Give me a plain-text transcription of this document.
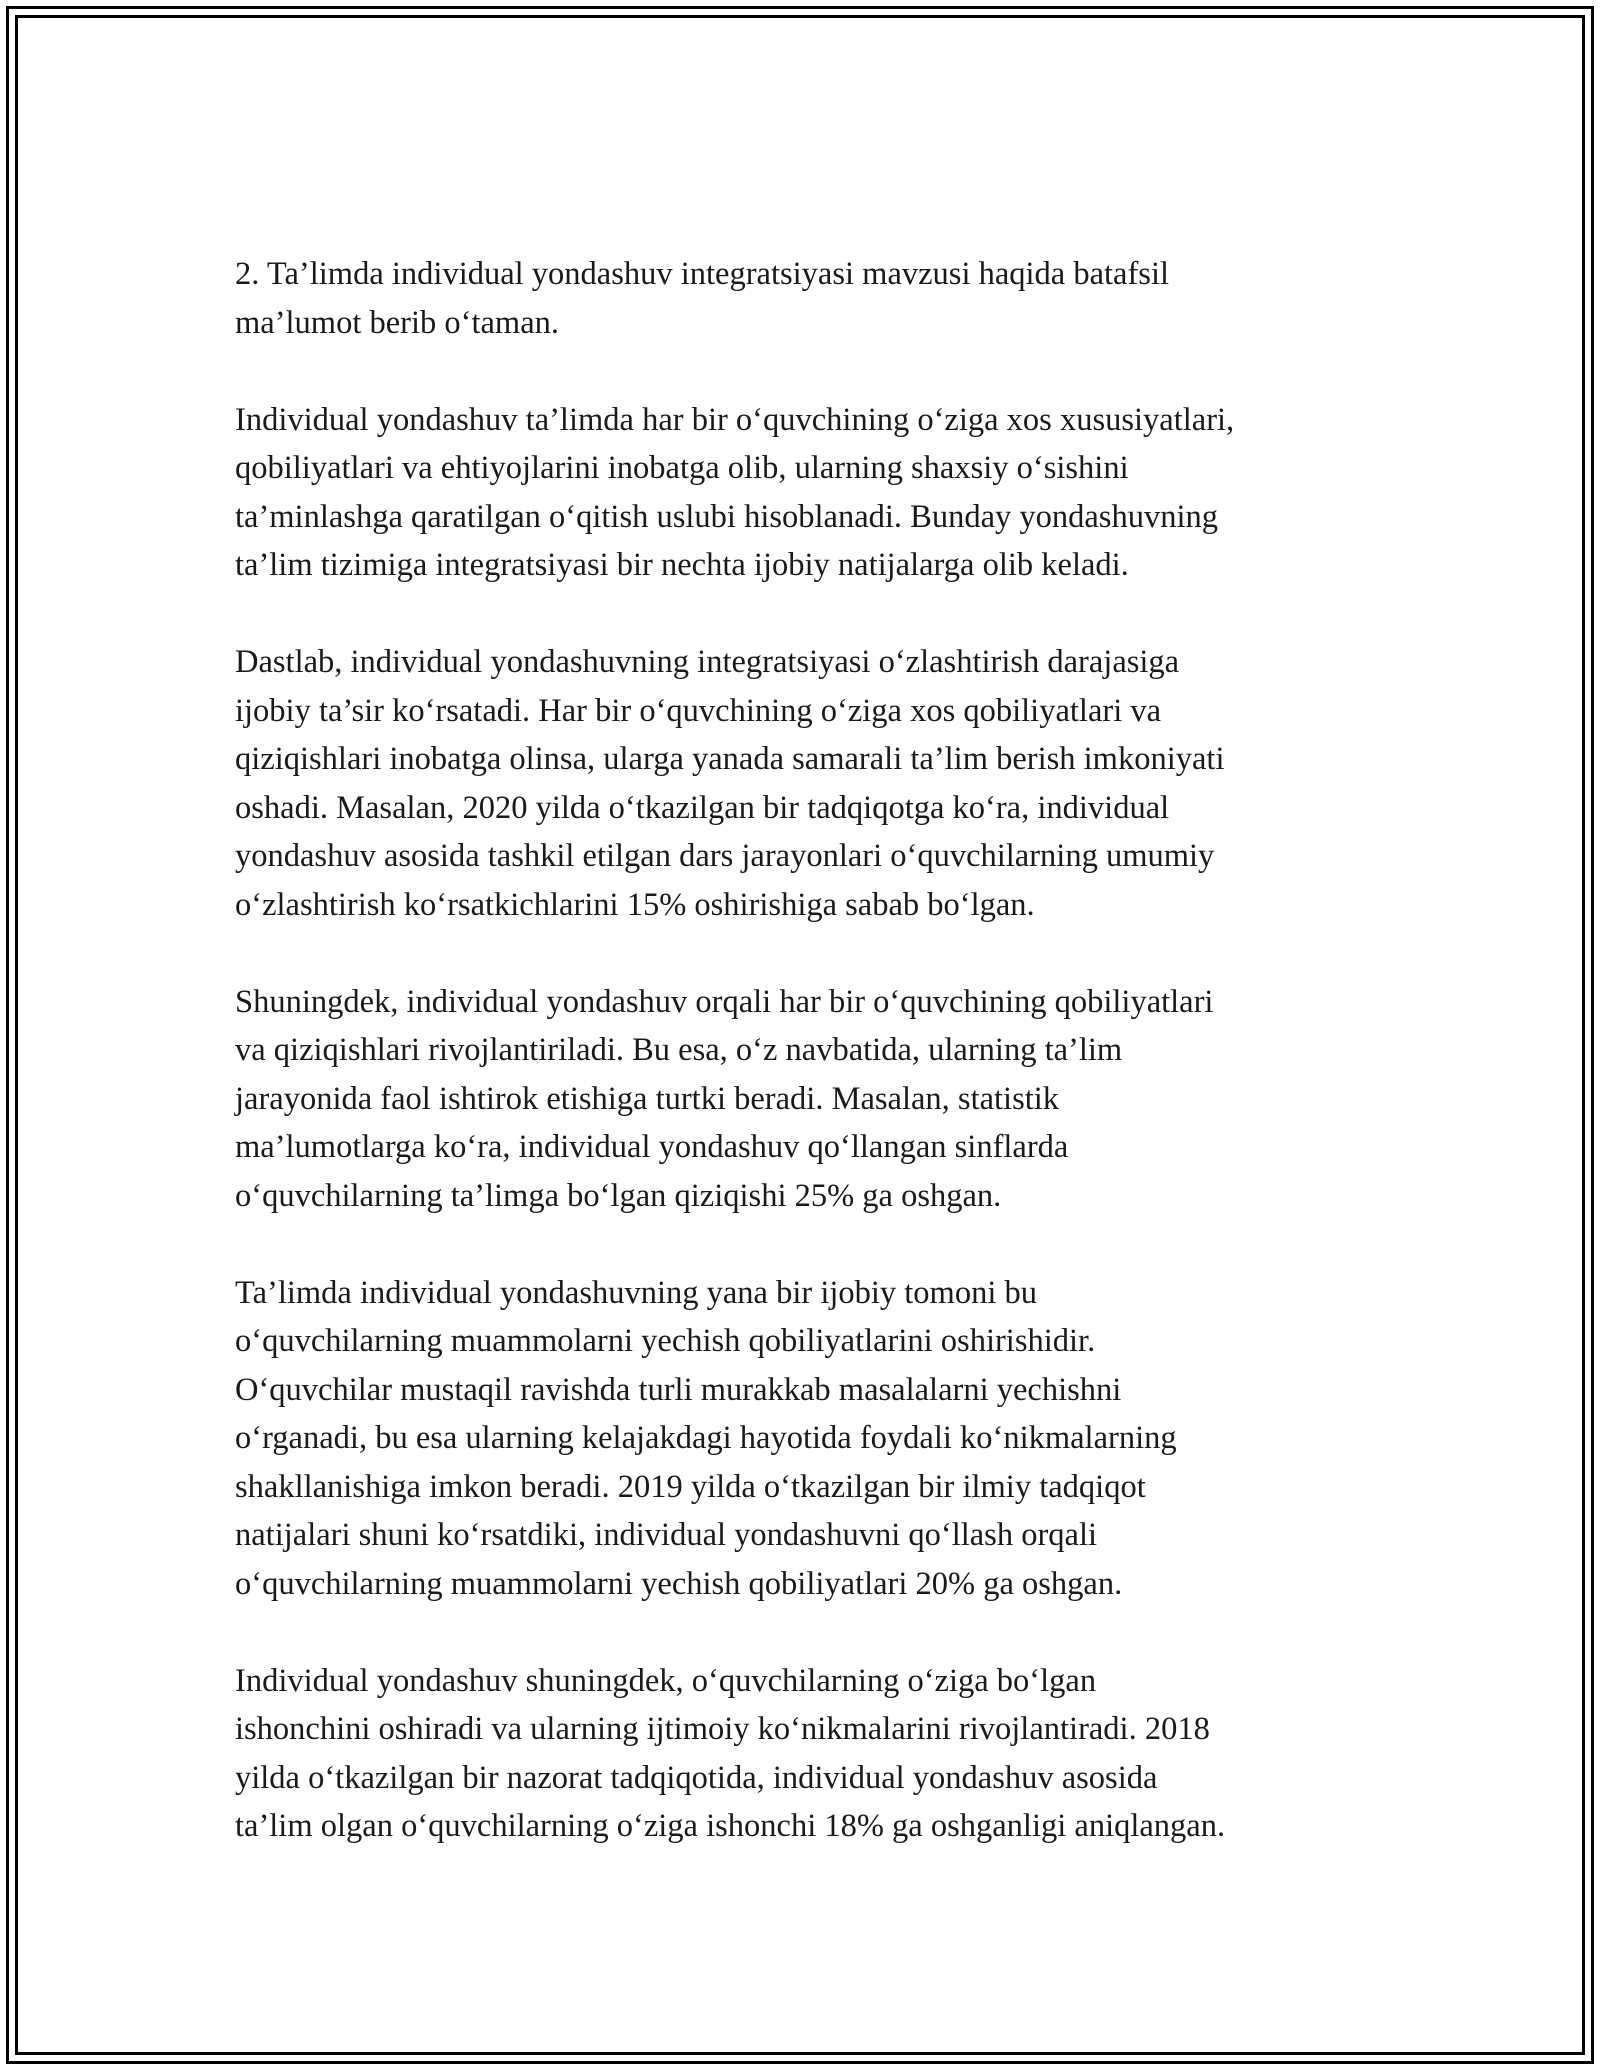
2. Ta’limda individual yondashuv integratsiyasi mavzusi haqida batafsil
ma’lumot berib o‘taman.

Individual yondashuv ta’limda har bir o‘quvchining o‘ziga xos xususiyatlari,
qobiliyatlari va ehtiyojlarini inobatga olib, ularning shaxsiy o‘sishini
ta’minlashga qaratilgan o‘qitish uslubi hisoblanadi. Bunday yondashuvning
ta’lim tizimiga integratsiyasi bir nechta ijobiy natijalarga olib keladi.

Dastlab, individual yondashuvning integratsiyasi o‘zlashtirish darajasiga
ijobiy ta’sir ko‘rsatadi. Har bir o‘quvchining o‘ziga xos qobiliyatlari va
qiziqishlari inobatga olinsa, ularga yanada samarali ta’lim berish imkoniyati
oshadi. Masalan, 2020 yilda o‘tkazilgan bir tadqiqotga ko‘ra, individual
yondashuv asosida tashkil etilgan dars jarayonlari o‘quvchilarning umumiy
o‘zlashtirish ko‘rsatkichlarini 15% oshirishiga sabab bo‘lgan.

Shuningdek, individual yondashuv orqali har bir o‘quvchining qobiliyatlari
va qiziqishlari rivojlantiriladi. Bu esa, o‘z navbatida, ularning ta’lim
jarayonida faol ishtirok etishiga turtki beradi. Masalan, statistik
ma’lumotlarga ko‘ra, individual yondashuv qo‘llangan sinflarda
o‘quvchilarning ta’limga bo‘lgan qiziqishi 25% ga oshgan.

Ta’limda individual yondashuvning yana bir ijobiy tomoni bu
o‘quvchilarning muammolarni yechish qobiliyatlarini oshirishidir.
O‘quvchilar mustaqil ravishda turli murakkab masalalarni yechishni
o‘rganadi, bu esa ularning kelajakdagi hayotida foydali ko‘nikmalarning
shakllanishiga imkon beradi. 2019 yilda o‘tkazilgan bir ilmiy tadqiqot
natijalari shuni ko‘rsatdiki, individual yondashuvni qo‘llash orqali
o‘quvchilarning muammolarni yechish qobiliyatlari 20% ga oshgan.

Individual yondashuv shuningdek, o‘quvchilarning o‘ziga bo‘lgan
ishonchini oshiradi va ularning ijtimoiy ko‘nikmalarini rivojlantiradi. 2018
yilda o‘tkazilgan bir nazorat tadqiqotida, individual yondashuv asosida
ta’lim olgan o‘quvchilarning o‘ziga ishonchi 18% ga oshganligi aniqlangan.
